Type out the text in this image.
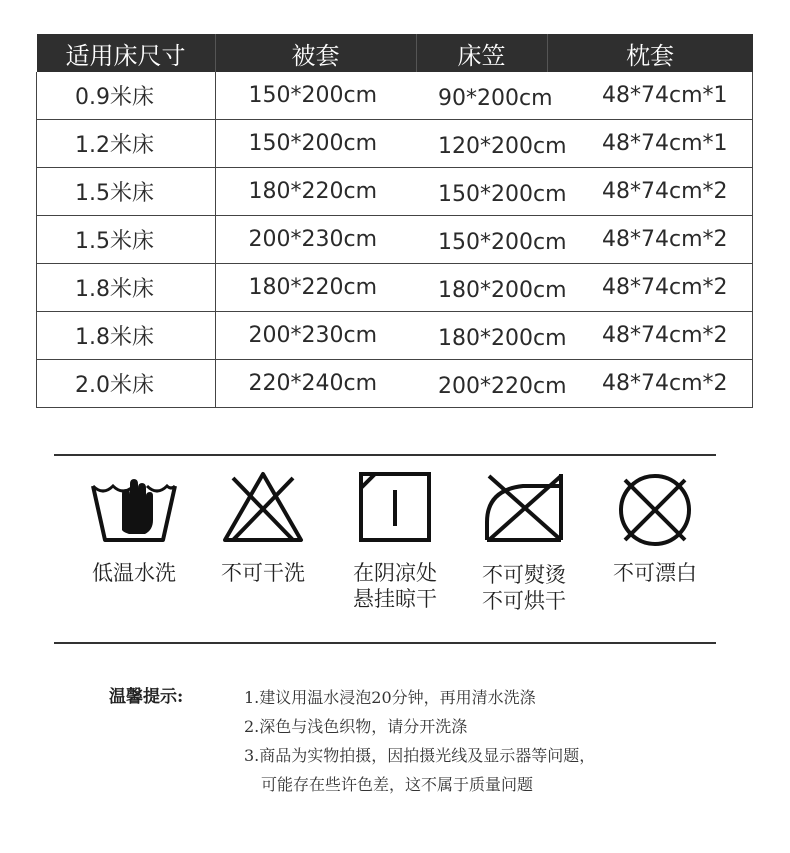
适用床尺寸	被套	床笠	枕套
0.9米床	150*200cm	90*200cm	48*74cm*1
1.2米床	150*200cm	120*200cm	48*74cm*1
1.5米床	180*220cm	150*200cm	48*74cm*2
1.5米床	200*230cm	150*200cm	48*74cm*2
1.8米床	180*220cm	180*200cm	48*74cm*2
1.8米床	200*230cm	180*200cm	48*74cm*2
2.0米床	220*240cm	200*220cm	48*74cm*2
低温水洗	不可干洗	在阴凉处
悬挂晾干
不可熨烫
不可烘干
不可漂白
温馨提示:	1.建议用温水浸泡20分钟，再用清水洗涤
2.深色与浅色织物，请分开洗涤
3.商品为实物拍摄，因拍摄光线及显示器等问题，
可能存在些许色差，这不属于质量问题
